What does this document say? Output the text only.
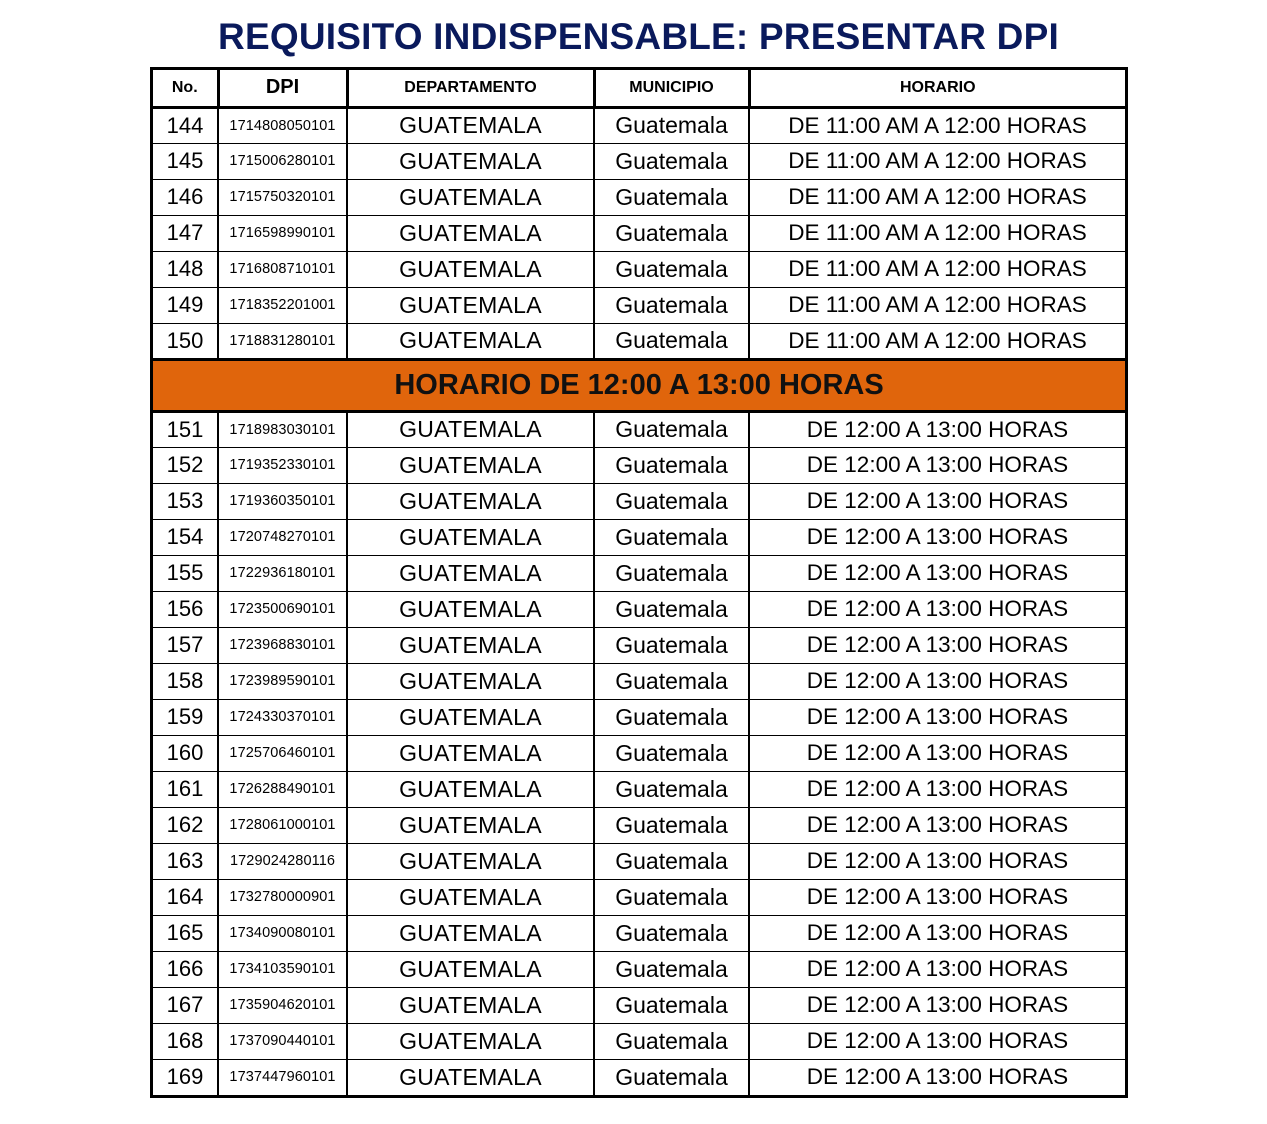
REQUISITO INDISPENSABLE: PRESENTAR DPI
No.	DPI	DEPARTAMENTO	MUNICIPIO	HORARIO
144	1714808050101	GUATEMALA	Guatemala	DE 11:00 AM A 12:00 HORAS
145	1715006280101	GUATEMALA	Guatemala	DE 11:00 AM A 12:00 HORAS
146	1715750320101	GUATEMALA	Guatemala	DE 11:00 AM A 12:00 HORAS
147	1716598990101	GUATEMALA	Guatemala	DE 11:00 AM A 12:00 HORAS
148	1716808710101	GUATEMALA	Guatemala	DE 11:00 AM A 12:00 HORAS
149	1718352201001	GUATEMALA	Guatemala	DE 11:00 AM A 12:00 HORAS
150	1718831280101	GUATEMALA	Guatemala	DE 11:00 AM A 12:00 HORAS
HORARIO DE 12:00 A 13:00 HORAS				
151	1718983030101	GUATEMALA	Guatemala	DE 12:00 A 13:00 HORAS
152	1719352330101	GUATEMALA	Guatemala	DE 12:00 A 13:00 HORAS
153	1719360350101	GUATEMALA	Guatemala	DE 12:00 A 13:00 HORAS
154	1720748270101	GUATEMALA	Guatemala	DE 12:00 A 13:00 HORAS
155	1722936180101	GUATEMALA	Guatemala	DE 12:00 A 13:00 HORAS
156	1723500690101	GUATEMALA	Guatemala	DE 12:00 A 13:00 HORAS
157	1723968830101	GUATEMALA	Guatemala	DE 12:00 A 13:00 HORAS
158	1723989590101	GUATEMALA	Guatemala	DE 12:00 A 13:00 HORAS
159	1724330370101	GUATEMALA	Guatemala	DE 12:00 A 13:00 HORAS
160	1725706460101	GUATEMALA	Guatemala	DE 12:00 A 13:00 HORAS
161	1726288490101	GUATEMALA	Guatemala	DE 12:00 A 13:00 HORAS
162	1728061000101	GUATEMALA	Guatemala	DE 12:00 A 13:00 HORAS
163	1729024280116	GUATEMALA	Guatemala	DE 12:00 A 13:00 HORAS
164	1732780000901	GUATEMALA	Guatemala	DE 12:00 A 13:00 HORAS
165	1734090080101	GUATEMALA	Guatemala	DE 12:00 A 13:00 HORAS
166	1734103590101	GUATEMALA	Guatemala	DE 12:00 A 13:00 HORAS
167	1735904620101	GUATEMALA	Guatemala	DE 12:00 A 13:00 HORAS
168	1737090440101	GUATEMALA	Guatemala	DE 12:00 A 13:00 HORAS
169	1737447960101	GUATEMALA	Guatemala	DE 12:00 A 13:00 HORAS
